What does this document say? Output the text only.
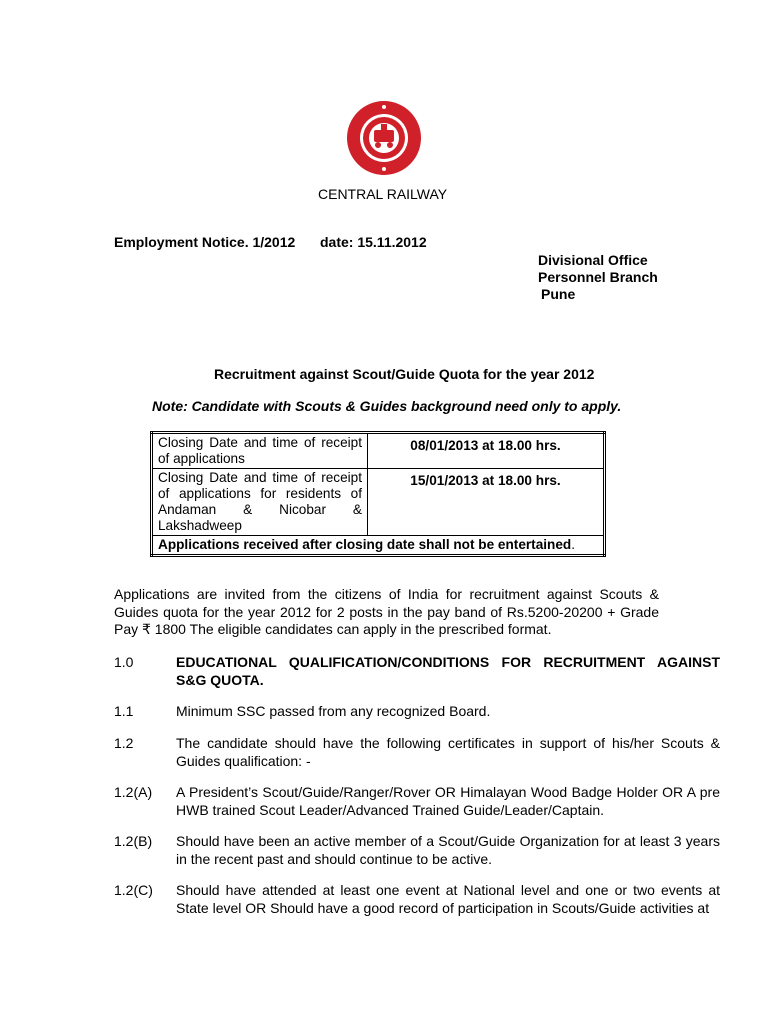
CENTRAL RAILWAY
Employment Notice. 1/2012 date: 15.11.2012
Divisional Office
Personnel Branch
Pune
Recruitment against Scout/Guide Quota for the year 2012
Note: Candidate with Scouts & Guides background need only to apply.
Closing Date and time of receipt of applications	08/01/2013 at 18.00 hrs.
Closing Date and time of receipt of applications for residents of Andaman & Nicobar & Lakshadweep	15/01/2013 at 18.00 hrs.
Applications received after closing date shall not be entertained.	
Applications are invited from the citizens of India for recruitment against Scouts & Guides quota for the year 2012 for 2 posts in the pay band of Rs.5200-20200 + Grade Pay ₹ 1800 The eligible candidates can apply in the prescribed format.
1.0	EDUCATIONAL QUALIFICATION/CONDITIONS FOR RECRUITMENT AGAINST S&G QUOTA.
1.1	Minimum SSC passed from any recognized Board.
1.2	The candidate should have the following certificates in support of his/her Scouts & Guides qualification: -
1.2(A) A President’s Scout/Guide/Ranger/Rover OR Himalayan Wood Badge Holder OR A pre HWB trained Scout Leader/Advanced Trained Guide/Leader/Captain.
1.2(B) Should have been an active member of a Scout/Guide Organization for at least 3 years in the recent past and should continue to be active.
1.2(C) Should have attended at least one event at National level and one or two events at State level OR Should have a good record of participation in Scouts/Guide activities at
